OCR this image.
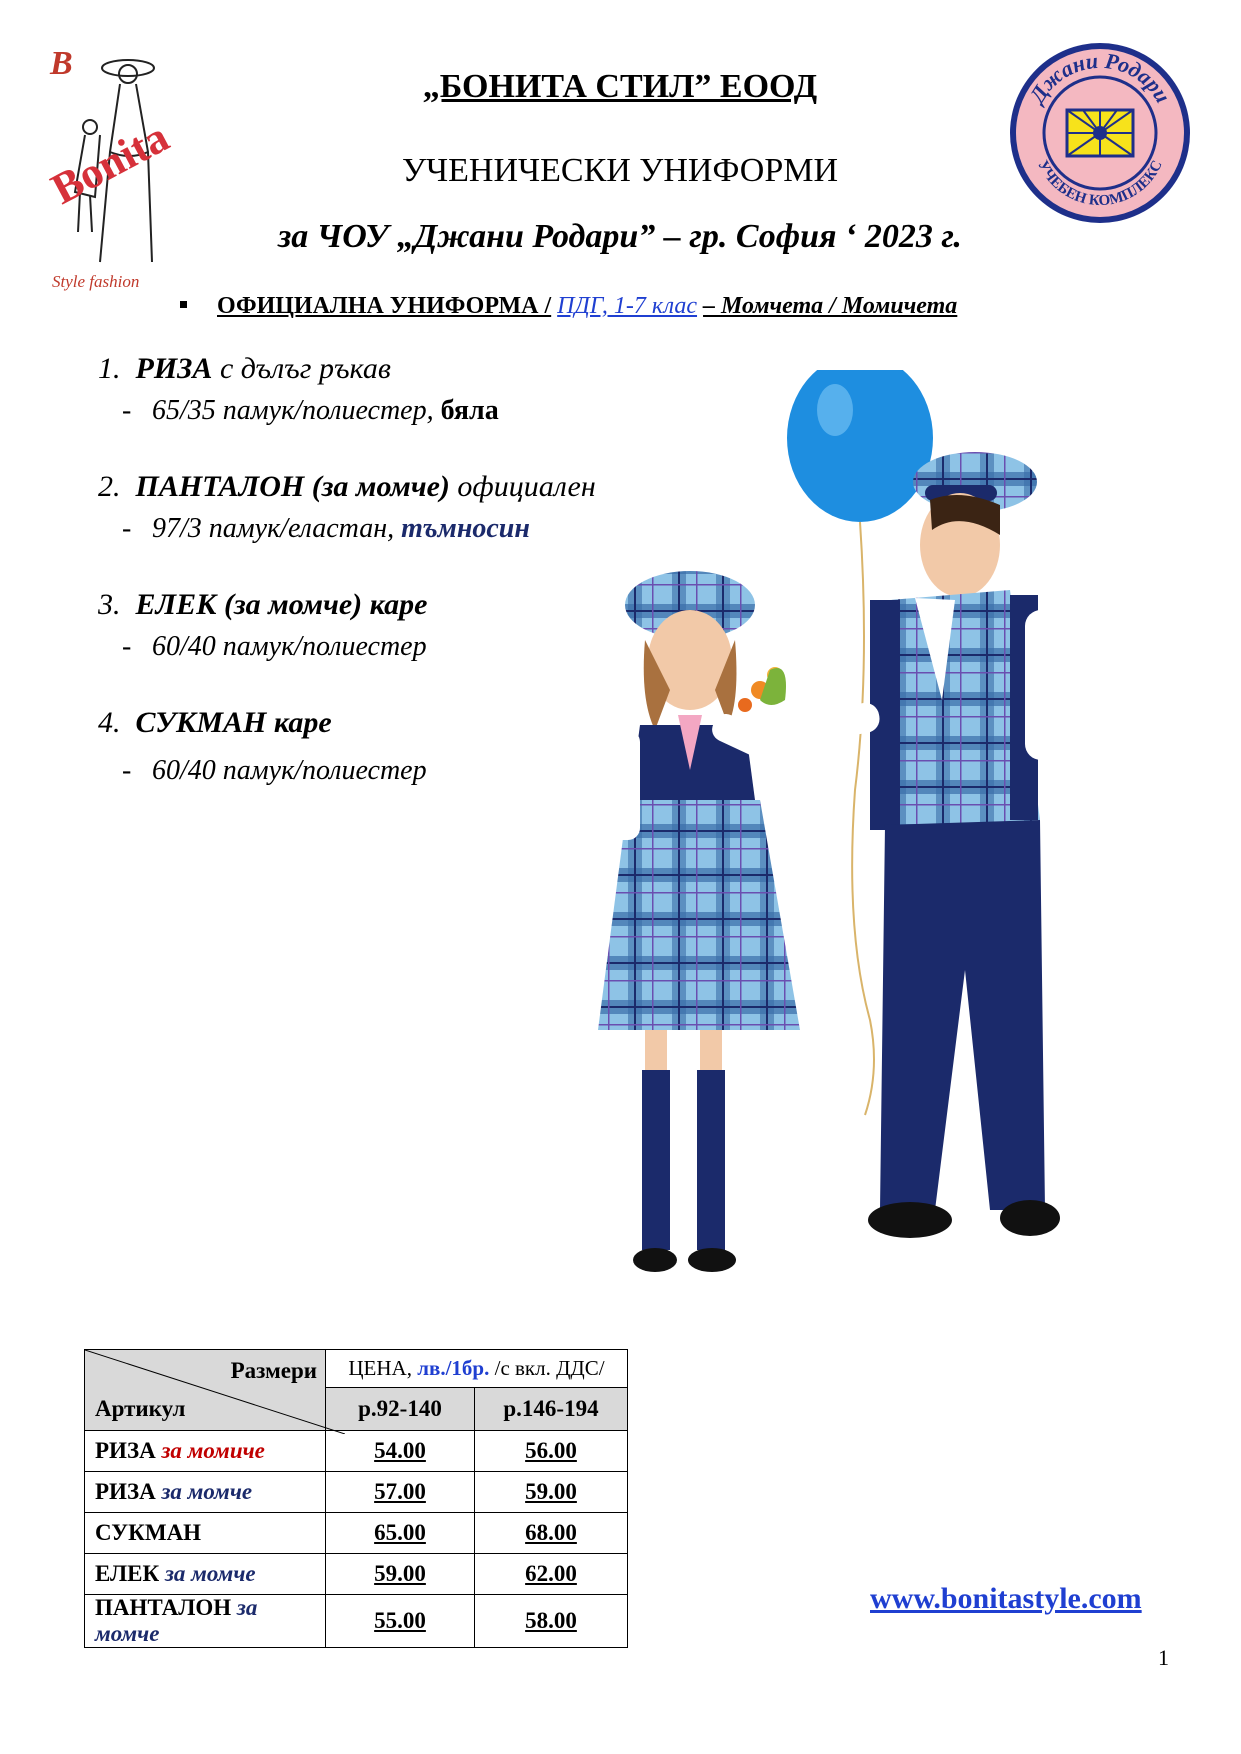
B
Bonita
Style fashion
Джани Родари
УЧЕБЕН КОМПЛЕКС
„БОНИТА СТИЛ” ЕООД
УЧЕНИЧЕСКИ УНИФОРМИ
за ЧОУ „Джани Родари” – гр. София ‘ 2023 г.
ОФИЦИАЛНА УНИФОРМА / ПДГ, 1-7 клас – Момчета / Момичета
1. РИЗА с дълъг ръкав
- 65/35 памук/полиестер, бяла
2. ПАНТАЛОН (за момче) официален
- 97/3 памук/еластан, тъмносин
3. ЕЛЕК (за момче) каре
- 60/40 памук/полиестер
4. СУКМАН каре
- 60/40 памук/полиестер
Размери
Артикул	ЦЕНА, лв./1бр. /с вкл. ДДС/	
	р.92-140	р.146-194
РИЗА за момиче	54.00	56.00
РИЗА за момче	57.00	59.00
СУКМАН	65.00	68.00
ЕЛЕК за момче	59.00	62.00
ПАНТАЛОН за момче	55.00	58.00
www.bonitastyle.com
1
